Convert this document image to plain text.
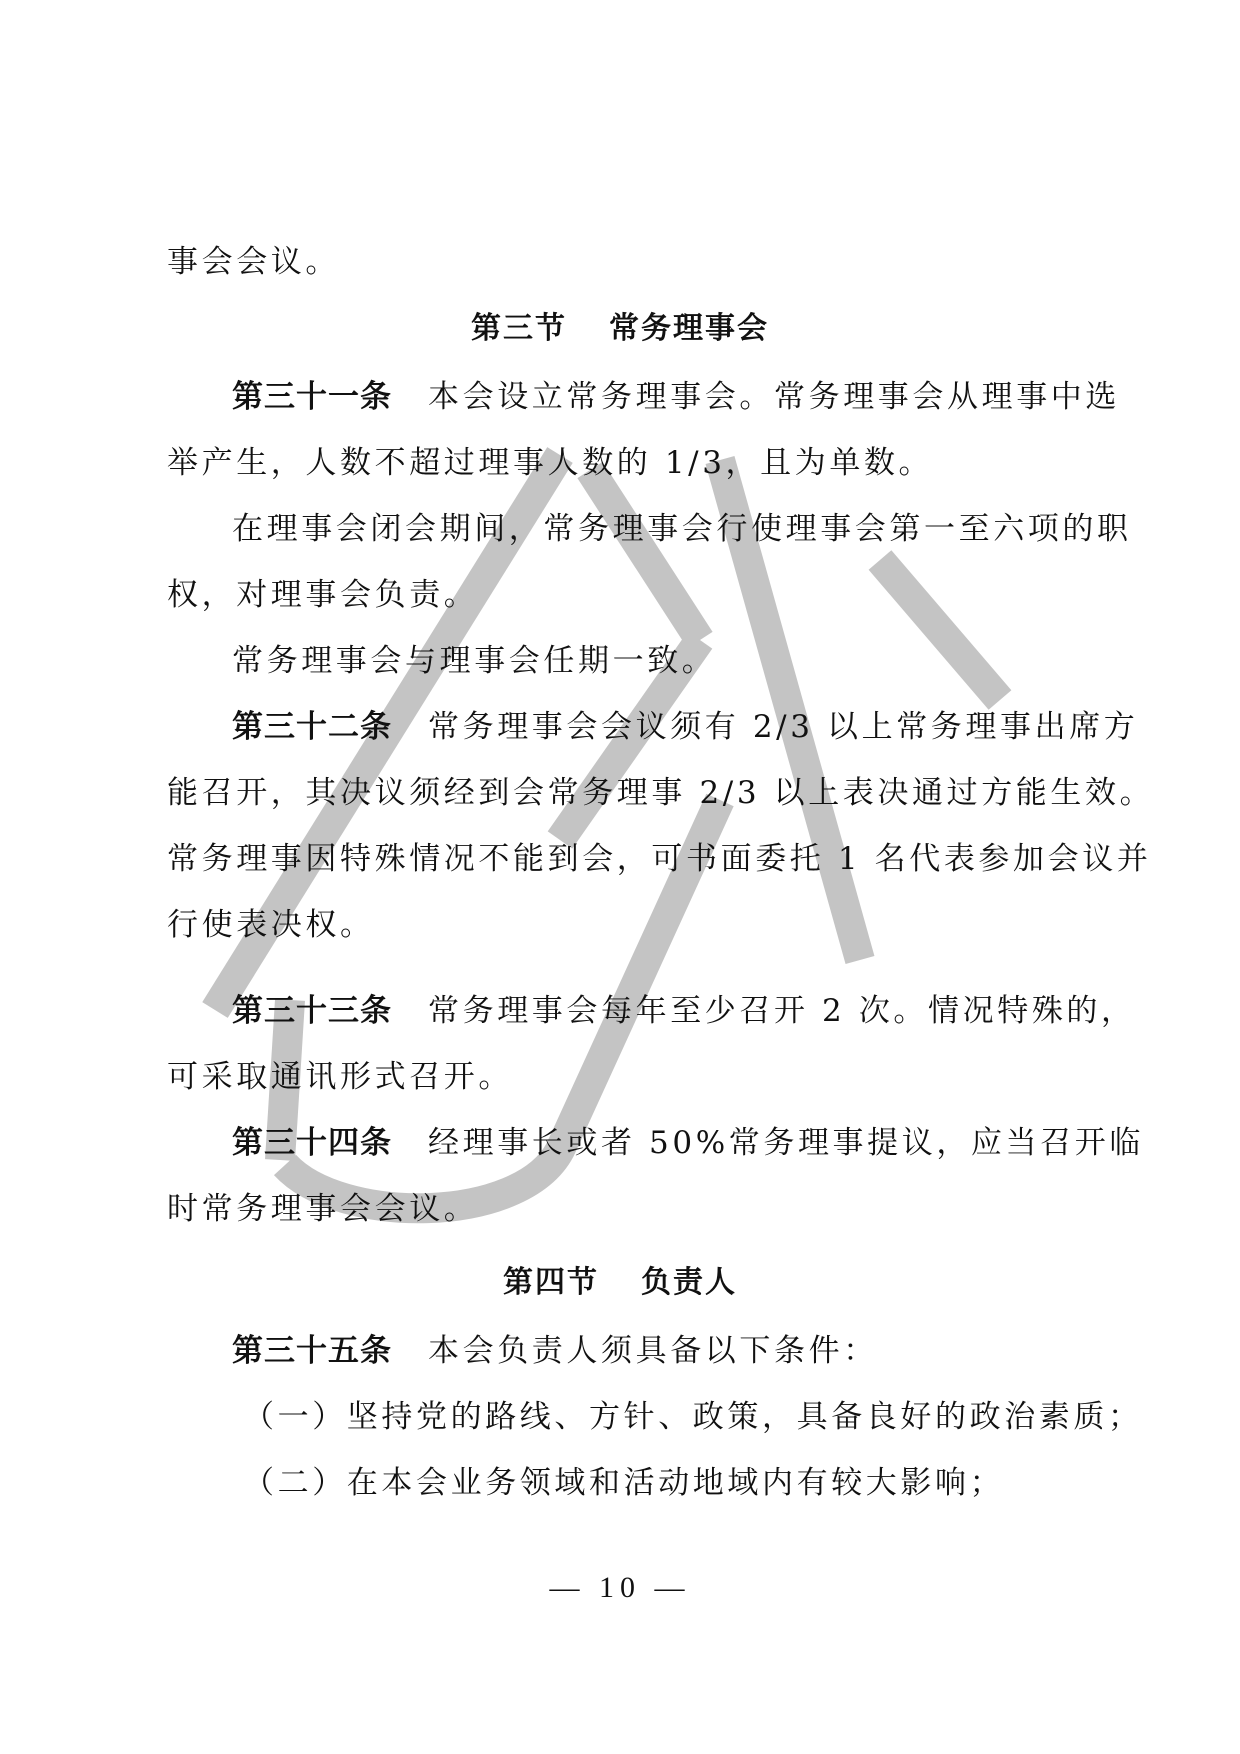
事会会议。
第三节 常务理事会
第三十一条 本会设立常务理事会。常务理事会从理事中选
举产生，人数不超过理事人数的 1/3，且为单数。
在理事会闭会期间，常务理事会行使理事会第一至六项的职
权，对理事会负责。
常务理事会与理事会任期一致。
第三十二条 常务理事会会议须有 2/3 以上常务理事出席方
能召开，其决议须经到会常务理事 2/3 以上表决通过方能生效。
常务理事因特殊情况不能到会，可书面委托 1 名代表参加会议并
行使表决权。
第三十三条 常务理事会每年至少召开 2 次。情况特殊的，
可采取通讯形式召开。
第三十四条 经理事长或者 50%常务理事提议，应当召开临
时常务理事会会议。
第四节 负责人
第三十五条 本会负责人须具备以下条件：
（一）坚持党的路线、方针、政策，具备良好的政治素质；
（二）在本会业务领域和活动地域内有较大影响；
— 10 —
